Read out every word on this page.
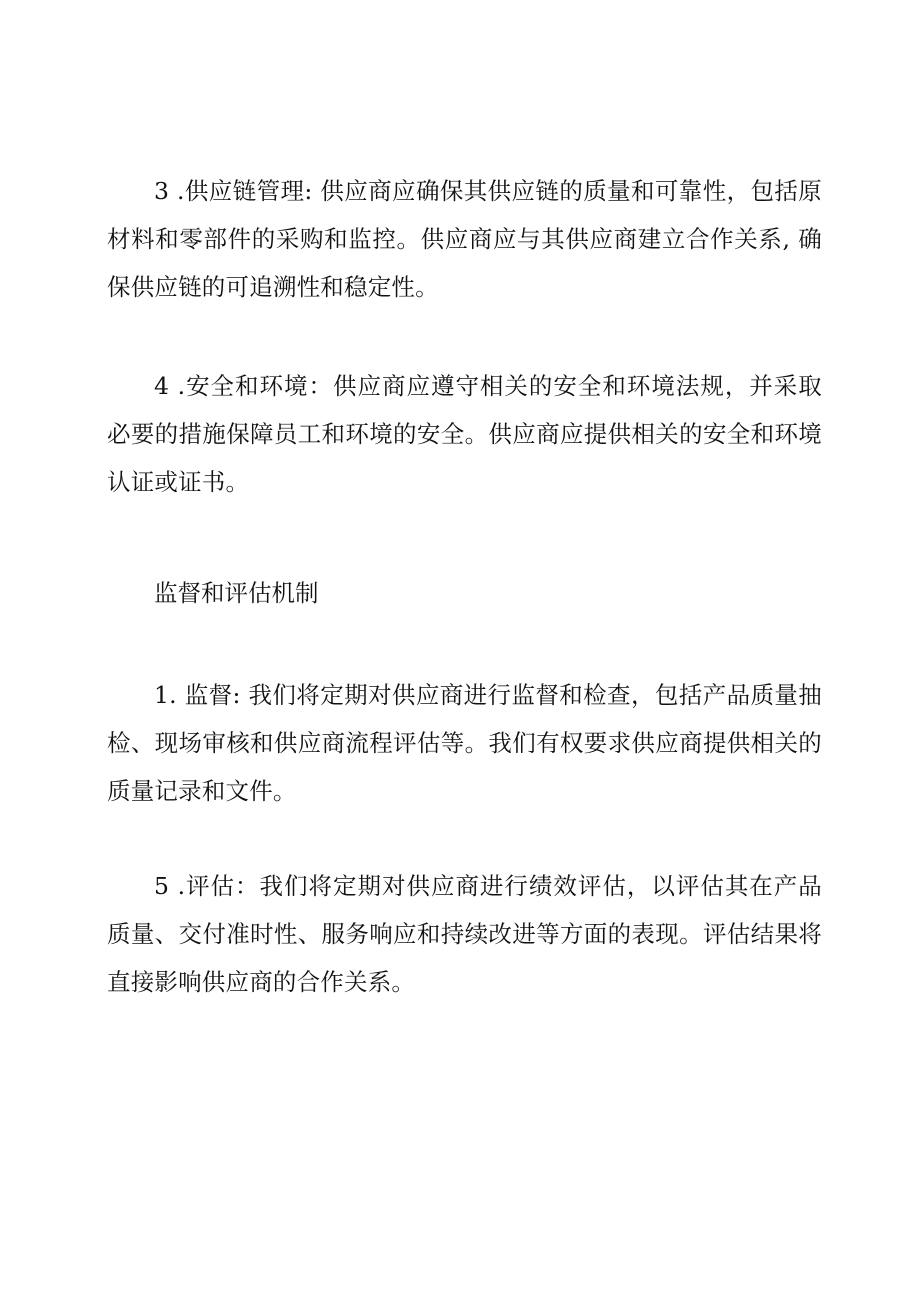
3 .供应链管理: 供应商应确保其供应链的质量和可靠性，包括原材料和零部件的采购和监控。供应商应与其供应商建立合作关系, 确保供应链的可追溯性和稳定性。

4 .安全和环境：供应商应遵守相关的安全和环境法规，并采取必要的措施保障员工和环境的安全。供应商应提供相关的安全和环境认证或证书。

监督和评估机制

1. 监督: 我们将定期对供应商进行监督和检查，包括产品质量抽检、现场审核和供应商流程评估等。我们有权要求供应商提供相关的质量记录和文件。

5 .评估：我们将定期对供应商进行绩效评估，以评估其在产品质量、交付准时性、服务响应和持续改进等方面的表现。评估结果将直接影响供应商的合作关系。
